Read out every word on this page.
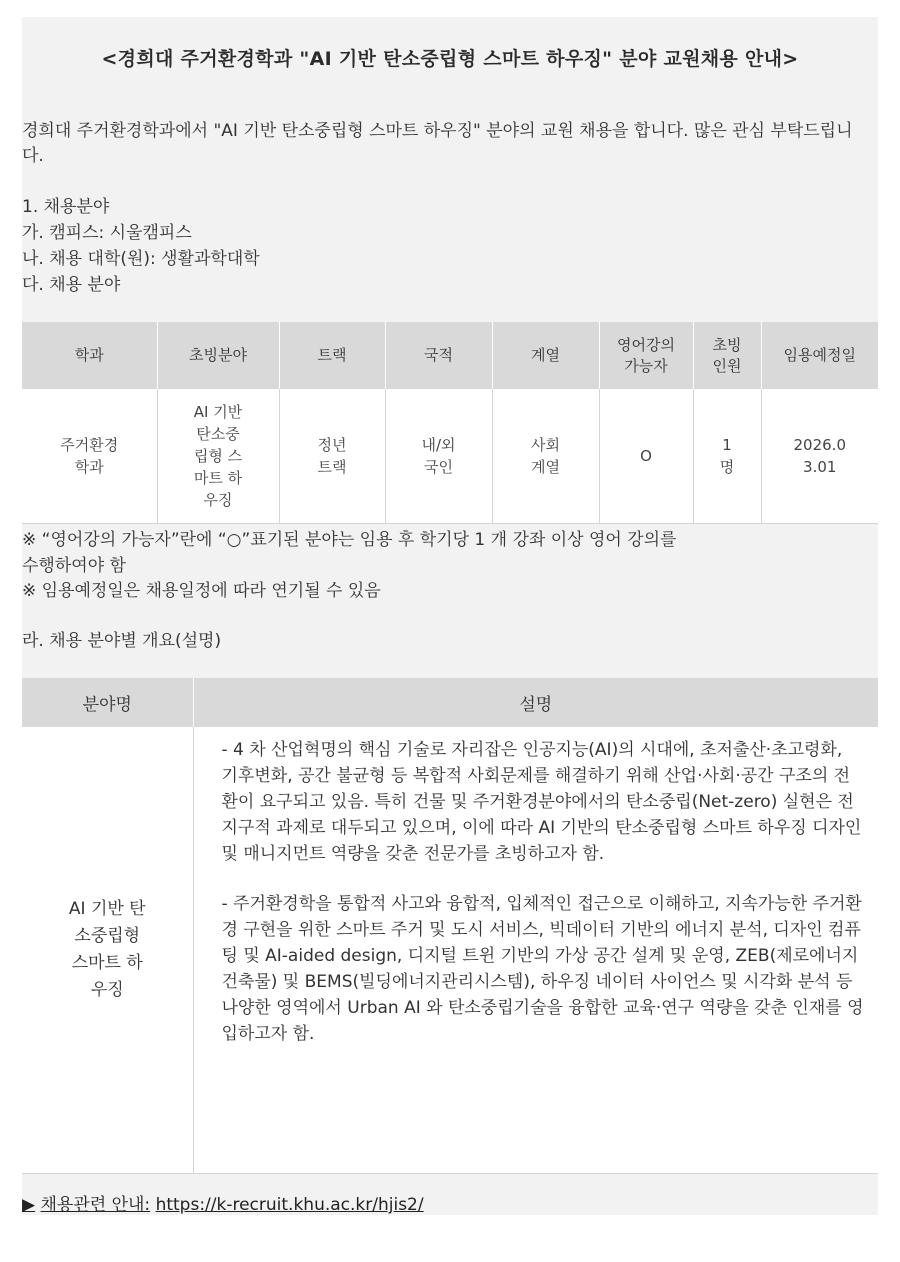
<경희대 주거환경학과 "AI 기반 탄소중립형 스마트 하우징" 분야 교원채용 안내>
경희대 주거환경학과에서 "AI 기반 탄소중립형 스마트 하우징" 분야의 교원 채용을 합니다. 많은 관심 부탁드립니다.
1. 채용분야
가. 캠피스: 시울캠피스
나. 채용 대학(원): 생활과학대학
다. 채용 분야
학과	초빙분야	트랙	국적	계열	영어강의 가능자	초빙 인원	임용예정일
주거환경 학과	AI 기반 탄소중 립형 스마트 하우징	정년 트랙	내/외 국인	사회 계열	O	1 명	2026.0 3.01
※ “영어강의 가능자”란에 “○”표기된 분야는 임용 후 학기당 1 개 강좌 이상 영어 강의를
수행하여야 함
※ 임용예정일은 채용일정에 따라 연기될 수 있음
라. 채용 분야별 개요(설명)
분야명	설명
AI 기반 탄소중립형 스마트 하우징	- 4 차 산업혁명의 핵심 기술로 자리잡은 인공지능(AI)의 시대에, 초저출산·초고령화, 기후변화, 공간 불균형 등 복합적 사회문제를 해결하기 위해 산업·사회·공간 구조의 전환이 요구되고 있음. 특히 건물 및 주거환경분야에서의 탄소중립(Net-zero) 실현은 전 지구적 과제로 대두되고 있으며, 이에 따라 AI 기반의 탄소중립형 스마트 하우징 디자인 및 매니지먼트 역량을 갖춘 전문가를 초빙하고자 함.

- 주거환경학을 통합적 사고와 융합적, 입체적인 접근으로 이해하고, 지속가능한 주거환경 구현을 위한 스마트 주거 및 도시 서비스, 빅데이터 기반의 에너지 분석, 디자인 컴퓨팅 및 AI-aided design, 디지털 트윈 기반의 가상 공간 설계 및 운영, ZEB(제로에너지건축물) 및 BEMS(빌딩에너지관리시스템), 하우징 네이터 사이언스 및 시각화 분석 등 나양한 영역에서 Urban AI 와 탄소중립기술을 융합한 교육·연구 역량을 갖춘 인재를 영입하고자 함.

▶ 채용관련 안내: https://k-recruit.khu.ac.kr/hjis2/
